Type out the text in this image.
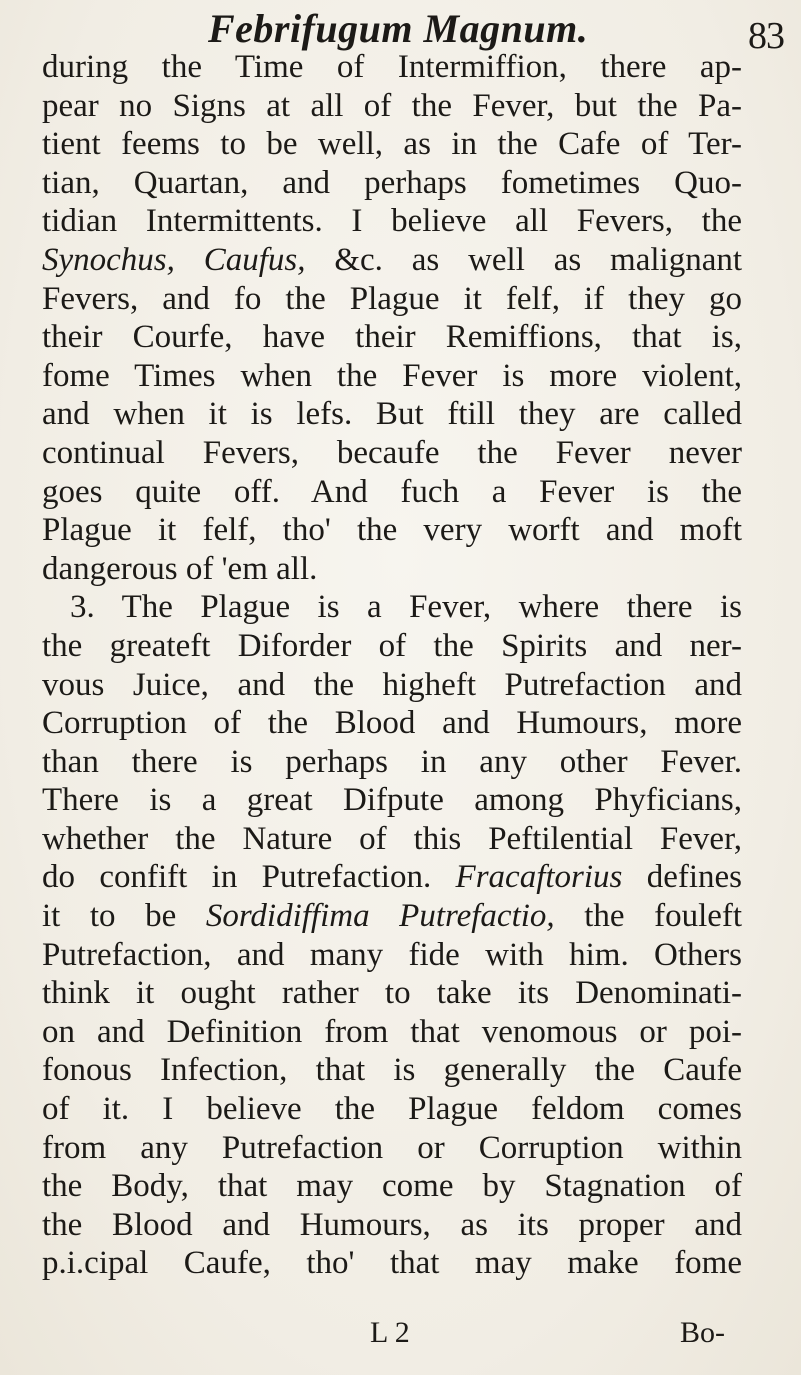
Febrifugum Magnum.	83
during the Time of Intermiffion, there ap-
pear no Signs at all of the Fever, but the Pa-
tient feems to be well, as in the Cafe of Ter-
tian, Quartan, and perhaps fometimes Quo-
tidian Intermittents. I believe all Fevers, the
Synochus, Caufus, &c. as well as malignant
Fevers, and fo the Plague it felf, if they go
their Courfe, have their Remiffions, that is,
fome Times when the Fever is more violent,
and when it is lefs. But ftill they are called
continual Fevers, becaufe the Fever never
goes quite off. And fuch a Fever is the
Plague it felf, tho' the very worft and moft
dangerous of 'em all.
3. The Plague is a Fever, where there is
the greateft Diforder of the Spirits and ner-
vous Juice, and the higheft Putrefaction and
Corruption of the Blood and Humours, more
than there is perhaps in any other Fever.
There is a great Difpute among Phyficians,
whether the Nature of this Peftilential Fever,
do confift in Putrefaction. Fracaftorius defines
it to be Sordidiffima Putrefactio, the fouleft
Putrefaction, and many fide with him. Others
think it ought rather to take its Denominati-
on and Definition from that venomous or poi-
fonous Infection, that is generally the Caufe
of it. I believe the Plague feldom comes
from any Putrefaction or Corruption within
the Body, that may come by Stagnation of
the Blood and Humours, as its proper and
p.i.cipal Caufe, tho' that may make fome
L 2	Bo-
